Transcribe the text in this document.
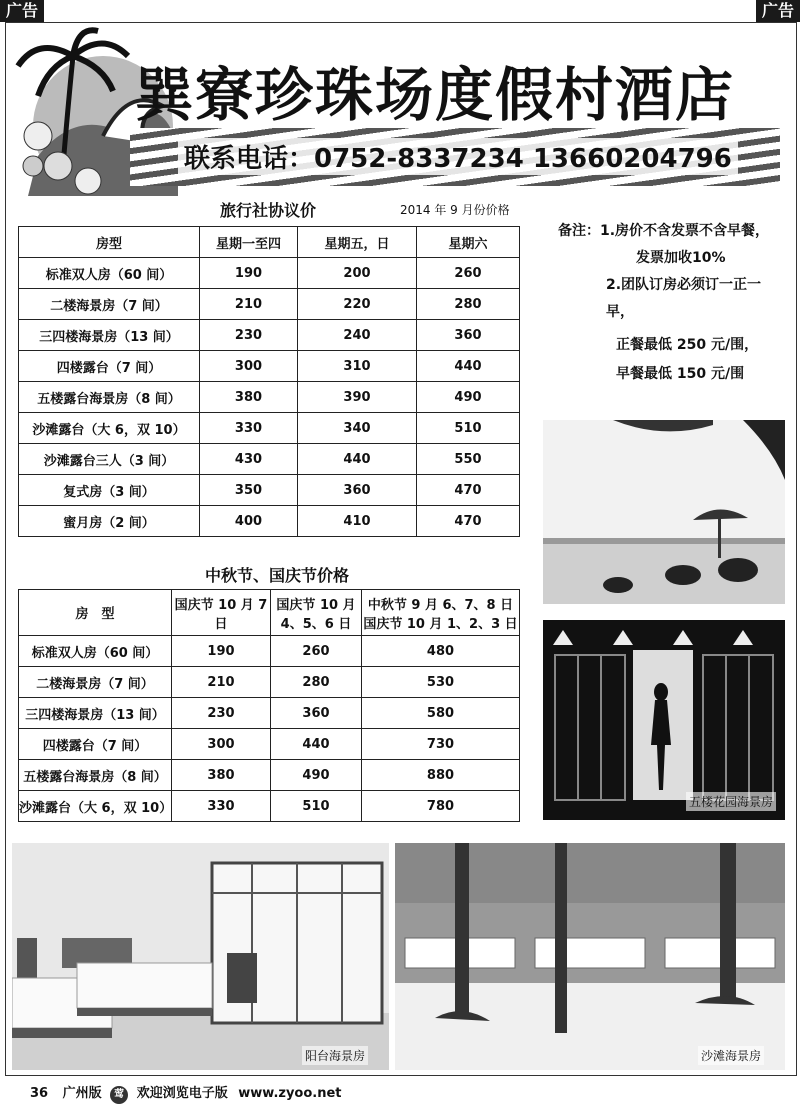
广告	广告
巽寮珍珠场度假村酒店
联系电话：0752-8337234 13660204796
旅行社协议价	2014 年 9 月份价格
房型	星期一至四	星期五，日	星期六
标准双人房（60 间）	190	200	260
二楼海景房（7 间）	210	220	280
三四楼海景房（13 间）	230	240	360
四楼露台（7 间）	300	310	440
五楼露台海景房（8 间）	380	390	490
沙滩露台（大 6，双 10）	330	340	510
沙滩露台三人（3 间）	430	440	550
复式房（3 间）	350	360	470
蜜月房（2 间）	400	410	470
备注：1.房价不含发票不含早餐，
发票加收10%
2.团队订房必须订一正一早，
正餐最低 250 元/围，
早餐最低 150 元/围
五楼花园海景房
中秋节、国庆节价格
房　型	国庆节 10 月 7 日	国庆节 10 月 4、5、6 日	中秋节 9 月 6、7、8 日 国庆节 10 月 1、2、3 日
标准双人房（60 间）	190	260	480
二楼海景房（7 间）	210	280	530
三四楼海景房（13 间）	230	360	580
四楼露台（7 间）	300	440	730
五楼露台海景房（8 间）	380	490	880
沙滩露台（大 6，双 10）	330	510	780
阳台海景房	沙滩海景房
36 广州版 莺 欢迎浏览电子版 www.zyoo.net
